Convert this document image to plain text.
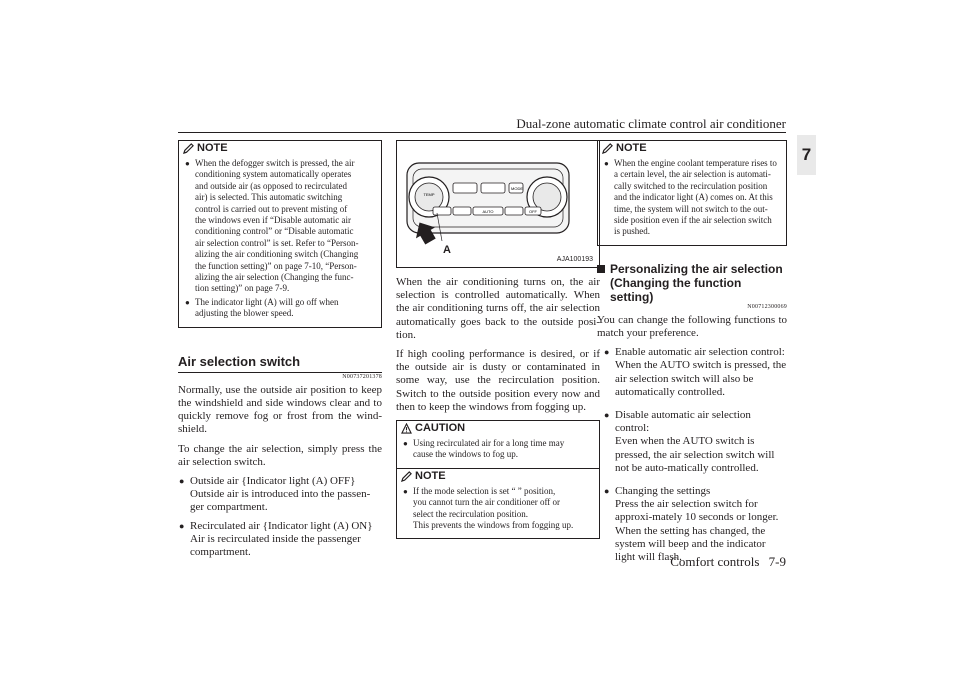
Dual-zone automatic climate control air conditioner
7
NOTE
● When the defogger switch is pressed, the air
conditioning system automatically operates
and outside air (as opposed to recirculated
air) is selected. This automatic switching
control is carried out to prevent misting of
the windows even if “Disable automatic air
conditioning control” or “Disable automatic
air selection control” is set. Refer to “Person-
alizing the air conditioning switch (Changing
the function setting)” on page 7-10, “Person-
alizing the air selection (Changing the func-
tion setting)” on page 7-9.
● The indicator light (A) will go off when
adjusting the blower speed.
Air selection switch
N00737201378

Normally, use the outside air position to keep the windshield and side windows clear and to quickly remove fog or frost from the wind-shield.

To change the air selection, simply press the air selection switch.

● Outside air {Indicator light (A) OFF}
Outside air is introduced into the passen-ger compartment.
● Recirculated air {Indicator light (A) ON}
Air is recirculated inside the passenger compartment.
TEMP
MODE
AUTO	OFF
A
AJA100193

When the air conditioning turns on, the air selection is controlled automatically. When the air conditioning turns off, the air selection automatically goes back to the outside posi-tion.

If high cooling performance is desired, or if the outside air is dusty or contaminated in some way, use the recirculation position. Switch to the outside position every now and then to keep the windows from fogging up.

CAUTION
● Using recirculated air for a long time may
cause the windows to fog up.
NOTE
● If the mode selection is set “ ” position,
you cannot turn the air conditioner off or
select the recirculation position.
This prevents the windows from fogging up.
NOTE
● When the engine coolant temperature rises to
a certain level, the air selection is automati-
cally switched to the recirculation position
and the indicator light (A) comes on. At this
time, the system will not switch to the out-
side position even if the air selection switch
is pushed.
Personalizing the air selection
(Changing the function setting)
N00712300069

You can change the following functions to match your preference.

● Enable automatic air selection control:
When the AUTO switch is pressed, the air selection switch will also be automatically controlled.
● Disable automatic air selection control:
Even when the AUTO switch is pressed, the air selection switch will not be auto-matically controlled.
● Changing the settings
Press the air selection switch for approxi-mately 10 seconds or longer.
When the setting has changed, the system will beep and the indicator light will flash.
Comfort controls 7-9
